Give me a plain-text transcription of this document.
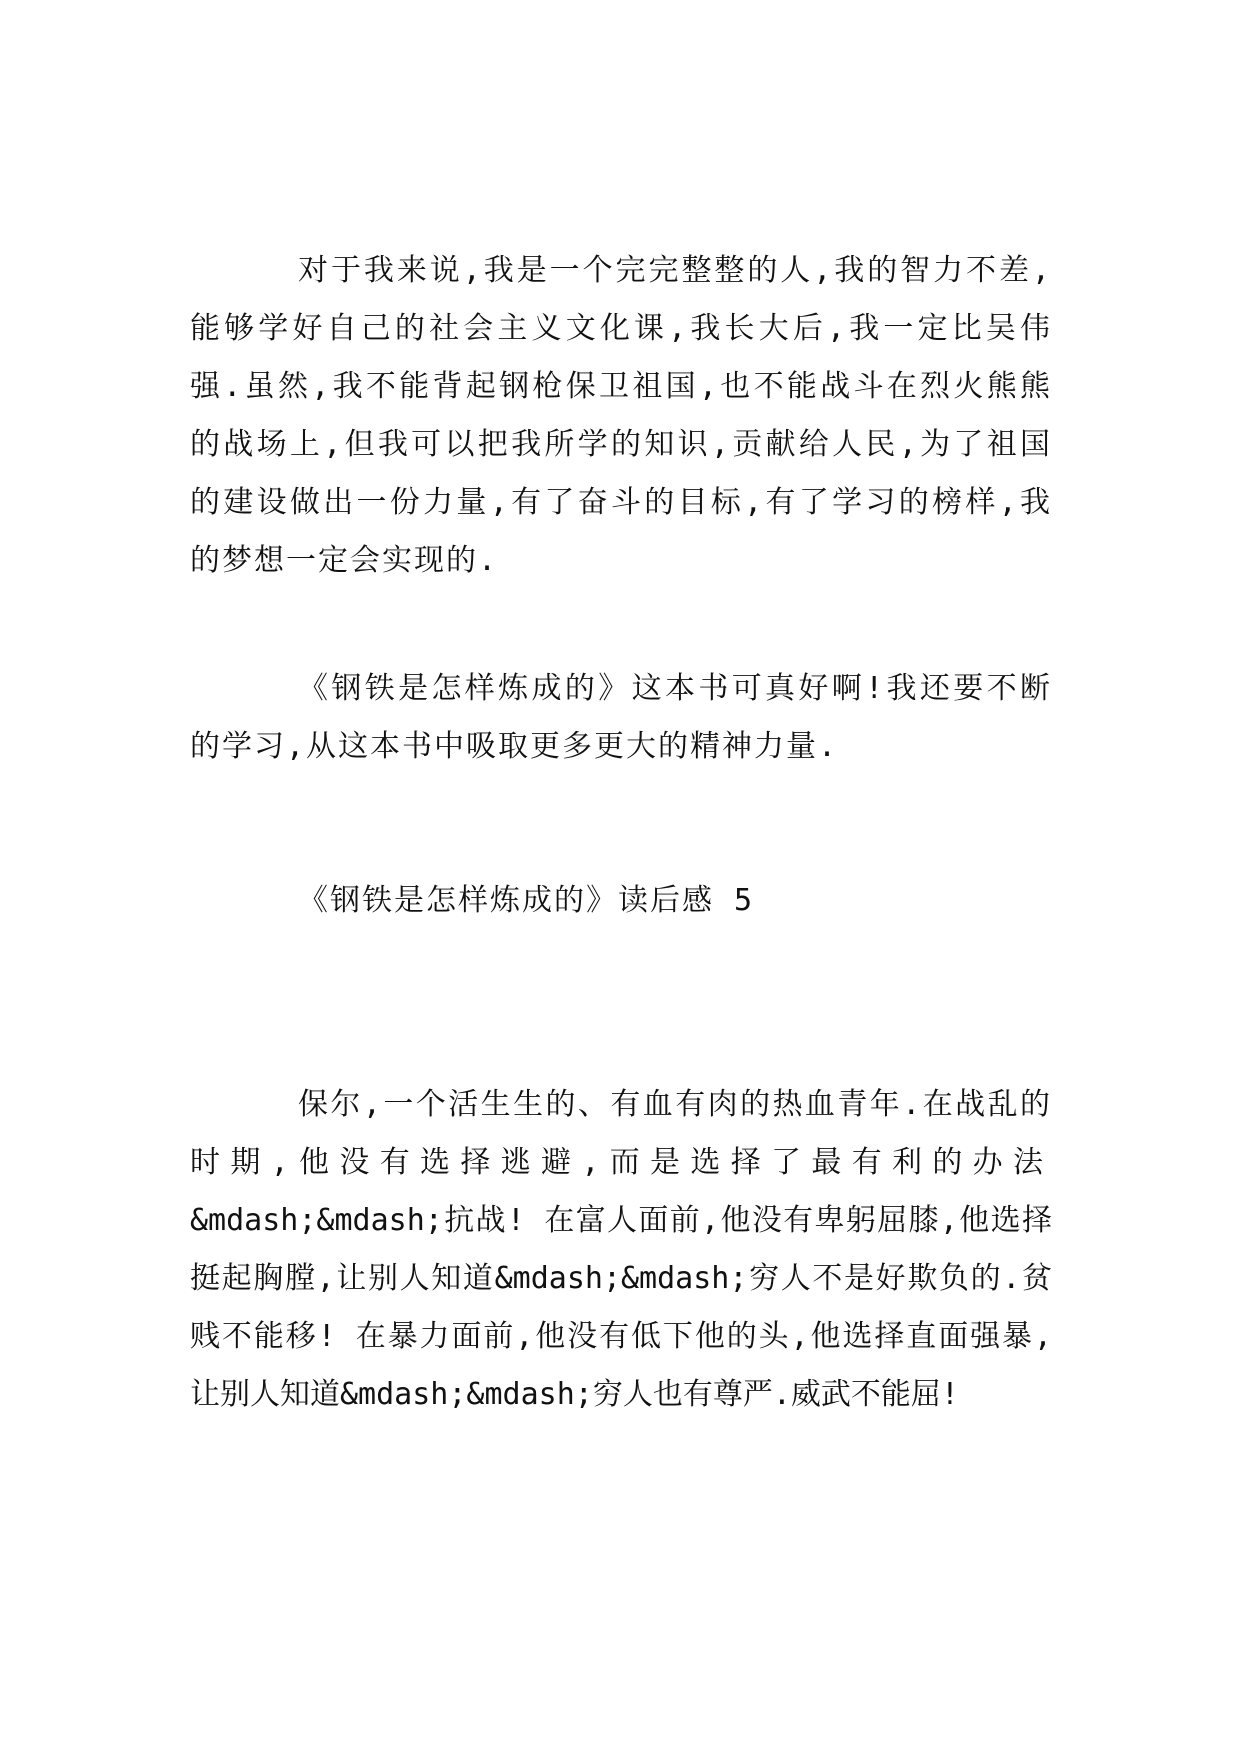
对于我来说,我是一个完完整整的人,我的智力不差,
能够学好自己的社会主义文化课,我长大后,我一定比吴伟
强.虽然,我不能背起钢枪保卫祖国,也不能战斗在烈火熊熊
的战场上,但我可以把我所学的知识,贡献给人民,为了祖国
的建设做出一份力量,有了奋斗的目标,有了学习的榜样,我
的梦想一定会实现的.
《钢铁是怎样炼成的》这本书可真好啊!我还要不断
的学习,从这本书中吸取更多更大的精神力量.
《钢铁是怎样炼成的》读后感 5
保尔,一个活生生的、有血有肉的热血青年.在战乱的
时期,他没有选择逃避,而是选择了最有利的办法
&mdash;&mdash;抗战! 在富人面前,他没有卑躬屈膝,他选择
挺起胸膛,让别人知道&mdash;&mdash;穷人不是好欺负的.贫
贱不能移! 在暴力面前,他没有低下他的头,他选择直面强暴,
让别人知道&mdash;&mdash;穷人也有尊严.威武不能屈!
